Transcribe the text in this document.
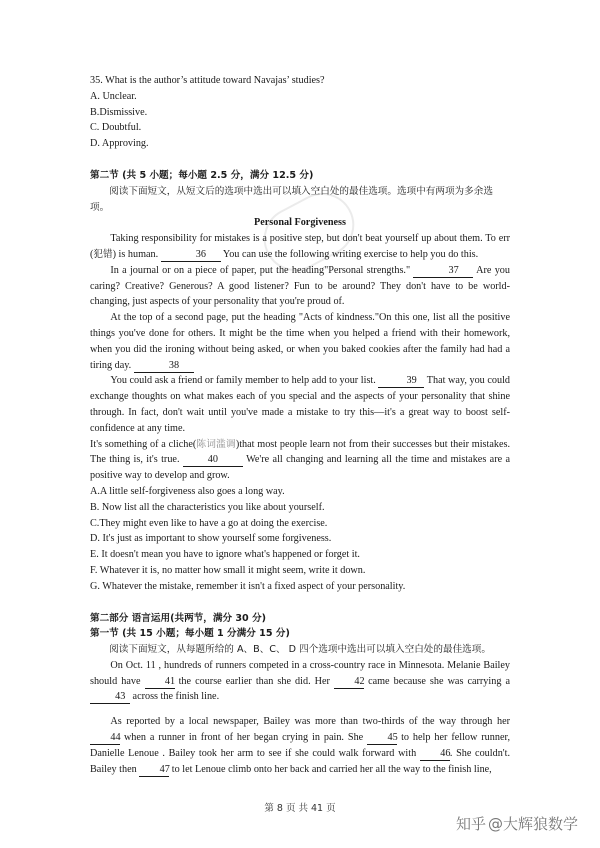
35. What is the author’s attitude toward Navajas’ studies?

A. Unclear.

B.Dismissive.

C. Doubtful.

D. Approving.

第二节 (共 5 小题；每小题 2.5 分，满分 12.5 分)

阅读下面短文，从短文后的选项中选出可以填入空白处的最佳选项。选项中有两项为多余选项。

Personal Forgiveness

Taking responsibility for mistakes is a positive step, but don't beat yourself up about them. To err (犯错) is human.	36 You can use the following writing exercise to help you do this.

In a journal or on a piece of paper, put the heading"Personal strengths."	37 Are you caring? Creative? Generous? A good listener? Fun to be around? They don't have to be world-changing, just aspects of your personality that you're proud of.

At the top of a second page, put the heading "Acts of kindness."On this one, list all the positive things you've done for others. It might be the time when you helped a friend with their homework, when you did the ironing without being asked, or when you baked cookies after the family had had a tiring day.	38

You could ask a friend or family member to help add to your list.	39 That way, you could exchange thoughts on what makes each of you special and the aspects of your personality that shine through. In fact, don't wait until you've made a mistake to try this—it's a great way to boost self-confidence at any time.

It's something of a cliche(陈词滥调)that most people learn not from their successes but their mistakes. The thing is, it's true.	40	We're all changing and learning all the time and mistakes are a positive way to develop and grow.

A.A little self-forgiveness also goes a long way.

B. Now list all the characteristics you like about yourself.

C.They might even like to have a go at doing the exercise.

D. It's just as important to show yourself some forgiveness.

E. It doesn't mean you have to ignore what's happened or forget it.

F. Whatever it is, no matter how small it might seem, write it down.

G. Whatever the mistake, remember it isn't a fixed aspect of your personality.

第二部分 语言运用(共两节，满分 30 分)

第一节 (共 15 小题；每小题 1 分满分 15 分)

阅读下面短文，从每题所给的 A、B、C、 D 四个选项中选出可以填入空白处的最佳选项。

On Oct. 11 , hundreds of runners competed in a cross-country race in Minnesota. Melanie Bailey should have 41 the course earlier than she did. Her 42 came because she was carrying a 43 across the finish line.

As reported by a local newspaper, Bailey was more than two-thirds of the way through her 44 when a runner in front of her began crying in pain. She 45 to help her fellow runner, Danielle Lenoue . Bailey took her arm to see if she could walk forward with 46. She couldn't. Bailey then 47 to let Lenoue climb onto her back and carried her all the way to the finish line,

第 8 页 共 41 页
知乎 @大辉狼数学
